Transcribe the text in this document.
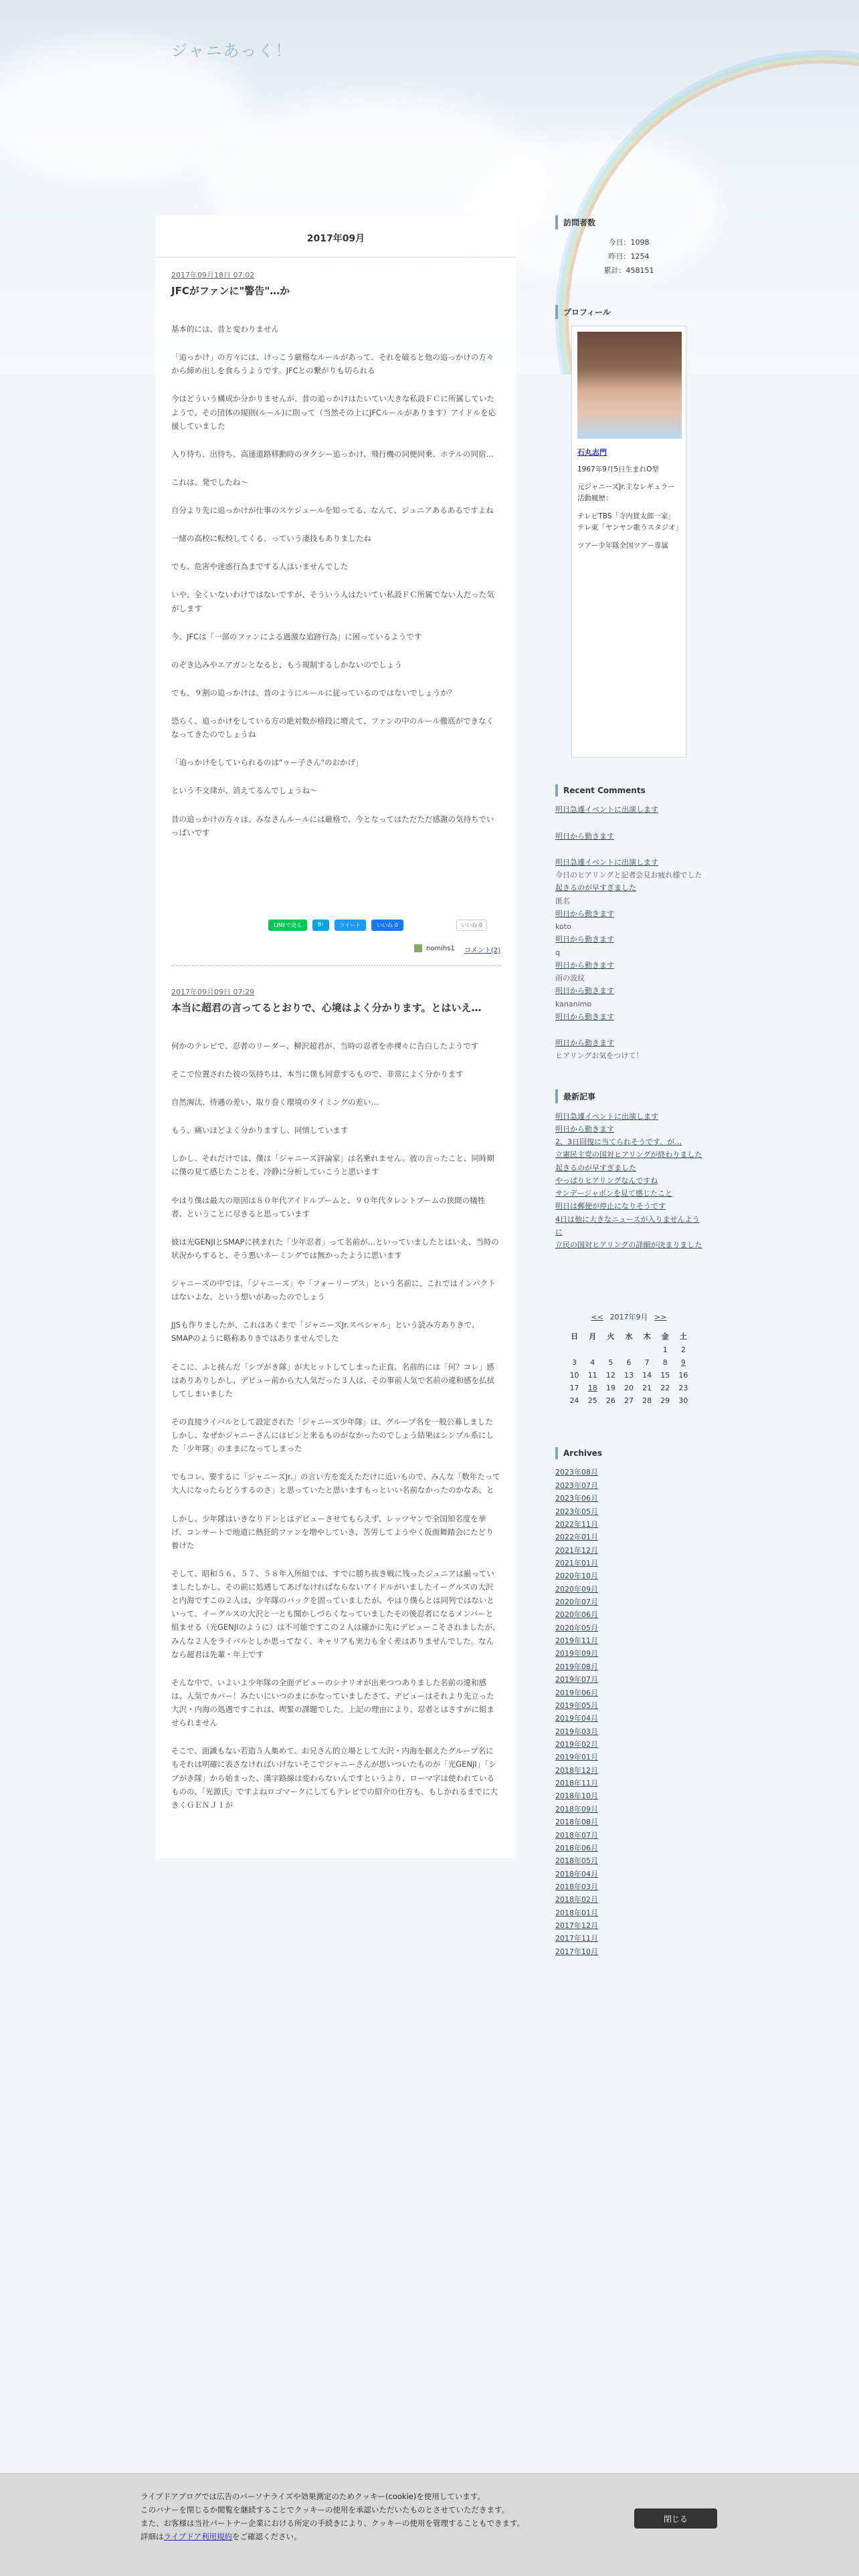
ジャニあっく！
2017年09月
2017年09月18日 07:02
JFCがファンに"警告"…か

基本的には、昔と変わりません

「追っかけ」の方々には、けっこう厳格なルールがあって、それを破ると他の追っかけの方々から締め出しを食らうようです。JFCとの繋がりも切られる

今はどういう構成か分かりませんが、昔の追っかけはたいてい大きな私設ＦＣに所属していたようで、その団体の規則(ルール)に則って（当然その上にJFCルールがあります）アイドルを応援していました

入り待ち、出待ち、高速道路移動時のタクシー追っかけ、飛行機の同便同乗、ホテルの同宿…

これは、発でしたね〜

自分より先に追っかけが仕事のスケジュールを知ってる、なんて、ジュニアあるあるですよね

一緒の高校に転校してくる、っていう凄技もありましたね

でも、危害や迷惑行為までする人はいませんでした

いや、全くいないわけではないですが、そういう人はたいてい私設ＦＣ所属でない人だった気がします

今、JFCは「一部のファンによる過激な追跡行為」に困っているようです

のぞき込みやエアガンとなると、もう規制するしかないのでしょう

でも、９割の追っかけは、昔のようにルールに従っているのではないでしょうか？

恐らく、追っかけをしている方の絶対数が格段に増えて、ファンの中のルール徹底ができなくなってきたのでしょうね

「追っかけをしていられるのは"ゥー子さん"のおかげ」

という不文律が、消えてるんでしょうね〜

昔の追っかけの方々は、みなさんルールには厳格で、今となってはただただ感謝の気持ちでいっぱいです

LINEで送る	B!	ツイート	いいね 0	いいね 0
nomihs1 コメント(2)
2017年09月09日 07:29
本当に超君の言ってるとおりで、心境はよく分かります。とはいえ…

何かのテレビで、忍者のリーダー、柳沢超君が、当時の忍者を赤裸々に告白したようです

そこで位置された彼の気持ちは、本当に僕も同意するもので、非常によく分かります

自然淘汰、待遇の差い、取り巻く環境のタイミングの差い…

もう、痛いほどよく分かりますし、同情しています

しかし、それだけでは、僕は「ジャニーズ評論家」は名乗れません。彼の言ったこと、同時期に僕の見て感じたことを、冷静に分析していこうと思います

やはり僕は最大の原因は８０年代アイドルブームと、９０年代タレントブームの狭間の犠牲者、ということに尽きると思っています

彼は光GENJIとSMAPに挟まれた「少年忍者」って名前が…といっていましたとはいえ、当時の状況からすると、そう悪いネーミングでは無かったように思います

ジャニーズの中では、「ジャニーズ」や「フォーリーブス」という名前に、これではインパクトはないよな、という想いがあったのでしょう

JJSも作りましたが、これはあくまで「ジャニーズJr.スペシャル」という読み方ありきで、SMAPのように略称ありきではありませんでした

そこに、ふと挟んだ「シブがき隊」が大ヒットしてしまった正直、名前的には「何？コレ」感はありありしかし、デビュー前から大人気だった３人は、その事前人気で名前の違和感を払拭してしまいました

その直接ライバルとして設定された「ジャニーズ少年隊」は、グループ名を一般公募しましたしかし、なぜかジャニーさんにはピンと来るものがなかったのでしょう結果はシンプル系にした「少年隊」のままになってしまった

でもコレ、要するに「ジャニーズJr.」の言い方を変えただけに近いもので、みんな「数年たって大人になったらどうするのさ」と思っていたと思いますもっといい名前なかったのかなあ、と

しかし、少年隊はいきなりドンとはデビューさせてもらえず、レッツヤンで全国知名度を挙げ、コンサートで地道に熱狂的ファンを増やしていき、苦労してようやく仮面舞踏会にたどり着けた

そして、昭和５６、５７、５８年入所組では、すでに勝ち抜き戦に残ったジュニアは揃っていましたしかし、その前に処遇してあげなければならないアイドルがいましたイーグルスの大沢と内海ですこの２人は、少年隊のバックを固っていましたが、やはり僕らとは同列ではないといって、イーグルスの大沢と一とも聞かしづらくなっていましたその後忍者になるメンバーと組ませる（光GENJIのように）は不可能ですこの２人は確かに先にデビューこそされましたが、みんな２人をライバルとしか思ってなく、キャリアも実力も全く差はありませんでした。なんなら超君は先輩・年上です

そんな中で、いよいよ少年隊の全面デビューのシナリオが出来つつありました名前の違和感は、人気でカバー！みたいにいつのまにかなっていましたさて、デビューはそれより先立った大沢・内海の処遇ですこれは、喫緊の課題でした。上記の理由により、忍者とはさすがに組ませられません

そこで、面識もない若造５人集めて、お兄さん的立場として大沢・内海を据えたグループ名にもそれは明確に表さなければいけないそこでジャニーさんが思いついたものが「光GENJI」「シブがき隊」から始まった、漢字路線は変わらないんですというより、ローマ字は使われているものの、「光源氏」ですよねロゴマークにしてもテレビでの紹介の仕方も、もしかれるまでに大きくＧＥＮＪＩが

訪問者数
今日：1098
昨日：1254
累計：458151
プロフィール
石丸志門

1967年9月5日生まれO型

元ジャニーズJr.主なレギュラー活動履歴：

テレビTBS「寺内貫太郎一家」テレ東「ヤンヤン歌うスタジオ」

ツアー少年隊全国ツアー専属

Recent Comments
明日急遽イベントに出演します
明日から動きます
明日急遽イベントに出演します
今日のヒアリングと記者会見お疲れ様でした
起きるのが早すぎました
匿名
明日から動きます
koto
明日から動きます
q
明日から動きます
雨の波紋
明日から動きます
kananimo
明日から動きます
明日から動きます
ヒアリングお気をつけて！
最新記事
明日急遽イベントに出演します
明日から動きます
2、3日回復に当てられそうです。が…
立憲民主党の国対ヒアリングが終わりました
起きるのが早すぎました
やっぱりヒアリングなんですね
サンデージャポンを見て感じたこと
明日は郵便が停止になりそうです
4日は他に大きなニュースが入りませんように
立民の国対ヒアリングの詳細が決まりました
<< 2017年9月 >>
日	月	火	水	木	金	土
					1	2
3	4	5	6	7	8	9
10	11	12	13	14	15	16
17	18	19	20	21	22	23
24	25	26	27	28	29	30
Archives
2023年08月
2023年07月
2023年06月
2023年05月
2022年11月
2022年01月
2021年12月
2021年01月
2020年10月
2020年09月
2020年07月
2020年06月
2020年05月
2019年11月
2019年09月
2019年08月
2019年07月
2019年06月
2019年05月
2019年04月
2019年03月
2019年02月
2019年01月
2018年12月
2018年11月
2018年10月
2018年09月
2018年08月
2018年07月
2018年06月
2018年05月
2018年04月
2018年03月
2018年02月
2018年01月
2017年12月
2017年11月
2017年10月
ライブドアブログでは広告のパーソナライズや効果測定のためクッキー(cookie)を使用しています。
このバナーを閉じるか閲覧を継続することでクッキーの使用を承認いただいたものとさせていただきます。
また、お客様は当社パートナー企業における所定の手続きにより、クッキーの使用を管理することもできます。
詳細はライブドア利用規約をご確認ください。
閉じる
